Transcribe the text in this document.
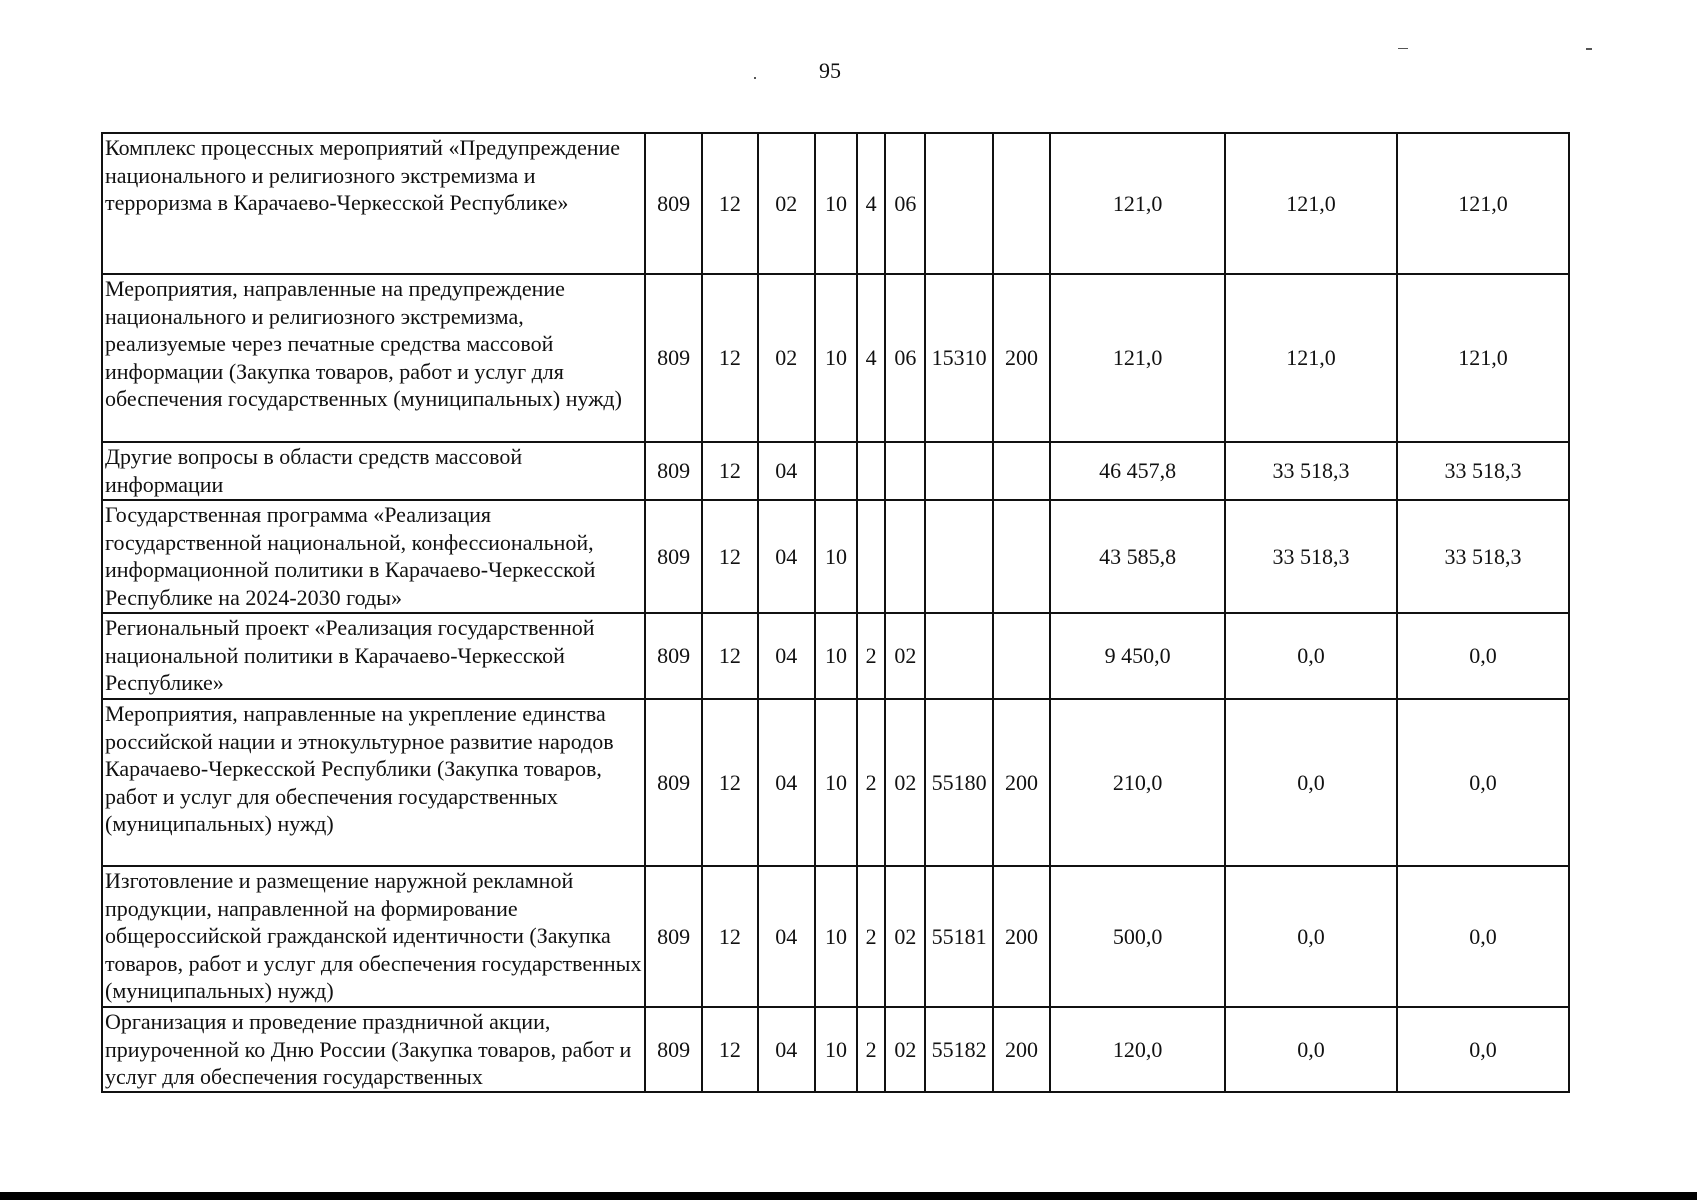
95
Комплекс процессных мероприятий «Предупреждение национального и религиозного экстремизма и терроризма в Карачаево-Черкесской Республике»	809	12	02	10	4	06			121,0	121,0	121,0
Мероприятия, направленные на предупреждение национального и религиозного экстремизма, реализуемые через печатные средства массовой информации (Закупка товаров, работ и услуг для обеспечения государственных (муниципальных) нужд)	809	12	02	10	4	06	15310	200	121,0	121,0	121,0
Другие вопросы в области средств массовой информации	809	12	04						46 457,8	33 518,3	33 518,3
Государственная программа «Реализация государственной национальной, конфессиональной, информационной политики в Карачаево-Черкесской Республике на 2024-2030 годы»	809	12	04	10					43 585,8	33 518,3	33 518,3
Региональный проект «Реализация государственной национальной политики в Карачаево-Черкесской Республике»	809	12	04	10	2	02			9 450,0	0,0	0,0
Мероприятия, направленные на укрепление единства российской нации и этнокультурное развитие народов Карачаево-Черкесской Республики (Закупка товаров, работ и услуг для обеспечения государственных (муниципальных) нужд)	809	12	04	10	2	02	55180	200	210,0	0,0	0,0
Изготовление и размещение наружной рекламной продукции, направленной на формирование общероссийской гражданской идентичности (Закупка товаров, работ и услуг для обеспечения государственных (муниципальных) нужд)	809	12	04	10	2	02	55181	200	500,0	0,0	0,0
Организация и проведение праздничной акции, приуроченной ко Дню России (Закупка товаров, работ и услуг для обеспечения государственных	809	12	04	10	2	02	55182	200	120,0	0,0	0,0
